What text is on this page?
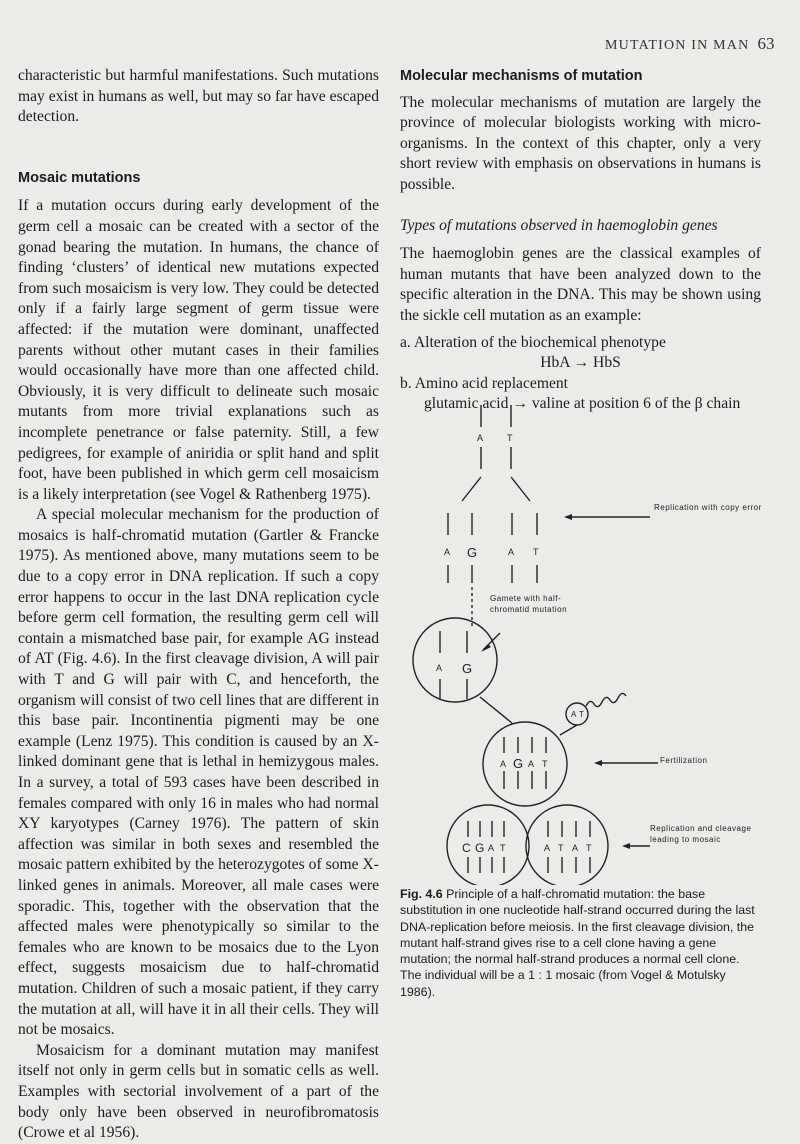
MUTATION IN MAN 63

characteristic but harmful manifestations. Such mutations may exist in humans as well, but may so far have escaped detection.

Mosaic mutations

If a mutation occurs during early development of the germ cell a mosaic can be created with a sector of the gonad bearing the mutation. In humans, the chance of finding ‘clusters’ of identical new mutations expected from such mosaicism is very low. They could be detected only if a fairly large segment of germ tissue were affected: if the mutation were dominant, unaffected parents without other mutant cases in their families would occasionally have more than one affected child. Obviously, it is very difficult to delineate such mosaic mutants from more trivial explanations such as incomplete penetrance or false paternity. Still, a few pedigrees, for example of aniridia or split hand and split foot, have been published in which germ cell mosaicism is a likely interpretation (see Vogel & Rathenberg 1975).

A special molecular mechanism for the production of mosaics is half-chromatid mutation (Gartler & Francke 1975). As mentioned above, many mutations seem to be due to a copy error in DNA replication. If such a copy error happens to occur in the last DNA replication cycle before germ cell formation, the resulting germ cell will contain a mismatched base pair, for example AG instead of AT (Fig. 4.6). In the first cleavage division, A will pair with T and G will pair with C, and henceforth, the organism will consist of two cell lines that are different in this base pair. Incontinentia pigmenti may be one example (Lenz 1975). This condition is caused by an X-linked dominant gene that is lethal in hemizygous males. In a survey, a total of 593 cases have been described in females compared with only 16 in males who had normal XY karyotypes (Carney 1976). The pattern of skin affection was similar in both sexes and resembled the mosaic pattern exhibited by the heterozygotes of some X-linked genes in animals. Moreover, all male cases were sporadic. This, together with the observation that the affected males were phenotypically so similar to the females who are known to be mosaics due to the Lyon effect, suggests mosaicism due to half-chromatid mutation. Children of such a mosaic patient, if they carry the mutation at all, will have it in all their cells. They will not be mosaics.

Mosaicism for a dominant mutation may manifest itself not only in germ cells but in somatic cells as well. Examples with sectorial involvement of a part of the body only have been observed in neurofibromatosis (Crowe et al 1956).

Molecular mechanisms of mutation

The molecular mechanisms of mutation are largely the province of molecular biologists working with micro-organisms. In the context of this chapter, only a very short review with emphasis on observations in humans is possible.

Types of mutations observed in haemoglobin genes

The haemoglobin genes are the classical examples of human mutants that have been analyzed down to the specific alteration in the DNA. This may be shown using the sickle cell mutation as an example:

a. Alteration of the biochemical phenotype
HbA → HbS
b. Amino acid replacement
glutamic acid → valine at position 6 of the β chain
A	T
A G	A T
A G
A T
A G A T
C G A T	A T A T
Replication with copy error
Gamete with half-chromatid mutation
Fertilization
Replication and cleavage leading to mosaic
Fig. 4.6 Principle of a half-chromatid mutation: the base substitution in one nucleotide half-strand occurred during the last DNA-replication before meiosis. In the first cleavage division, the mutant half-strand gives rise to a cell clone having a gene mutation; the normal half-strand produces a normal cell clone. The individual will be a 1 : 1 mosaic (from Vogel & Motulsky 1986).
